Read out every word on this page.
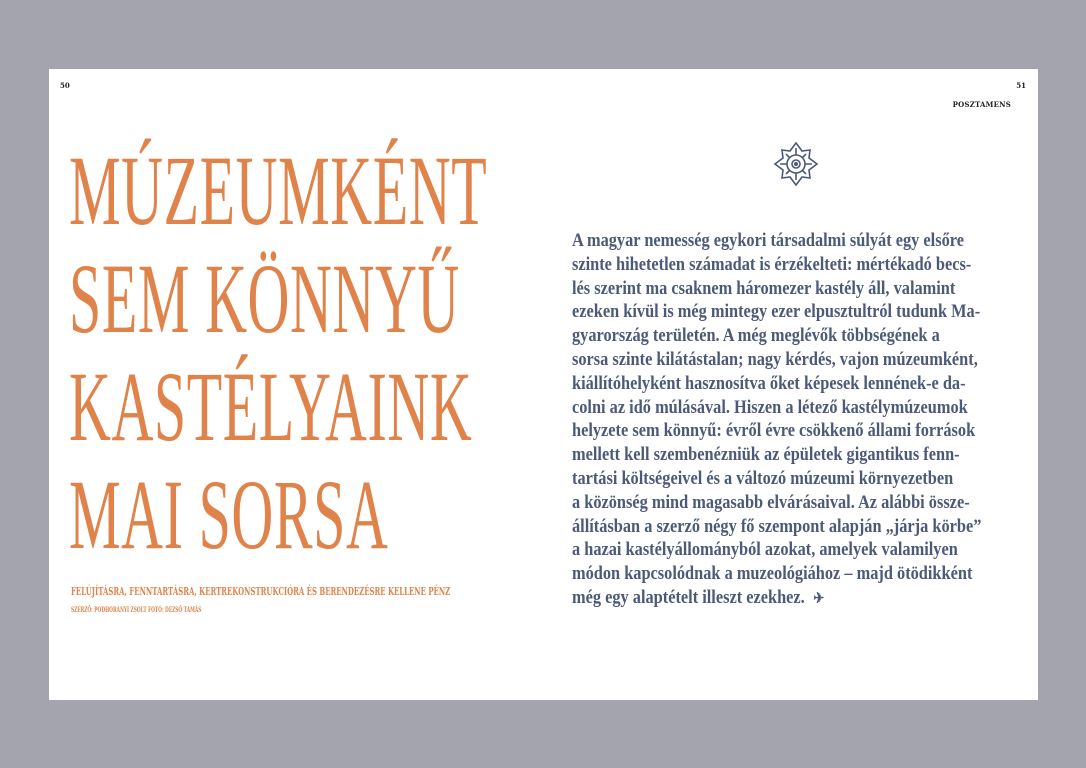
50	51
POSZTAMENS
MÚZEUMKÉNT
SEM KÖNNYŰ
KASTÉLYAINK
MAI SORSA

FELÚJÍTÁSRA, FENNTARTÁSRA, KERTREKONSTRUKCIÓRA ÉS BERENDEZÉSRE KELLENE PÉNZ

SZERZŐ: PODHORÁNYI ZSOLT FOTÓ: DEZSŐ TAMÁS

A magyar nemesség egykori társadalmi súlyát egy elsőre
szinte hihetetlen számadat is érzékelteti: mértékadó becs-
lés szerint ma csaknem háromezer kastély áll, valamint
ezeken kívül is még mintegy ezer elpusztultról tudunk Ma-
gyarország területén. A még meglévők többségének a
sorsa szinte kilátástalan; nagy kérdés, vajon múzeumként,
kiállítóhelyként hasznosítva őket képesek lennének-e da-
colni az idő múlásával. Hiszen a létező kastélymúzeumok
helyzete sem könnyű: évről évre csökkenő állami források
mellett kell szembenézniük az épületek gigantikus fenn-
tartási költségeivel és a változó múzeumi környezetben
a közönség mind magasabb elvárásaival. Az alábbi össze-
állításban a szerző négy fő szempont alapján „járja körbe”
a hazai kastélyállományból azokat, amelyek valamilyen
módon kapcsolódnak a muzeológiához – majd ötödikként
még egy alaptételt illeszt ezekhez. ✈
